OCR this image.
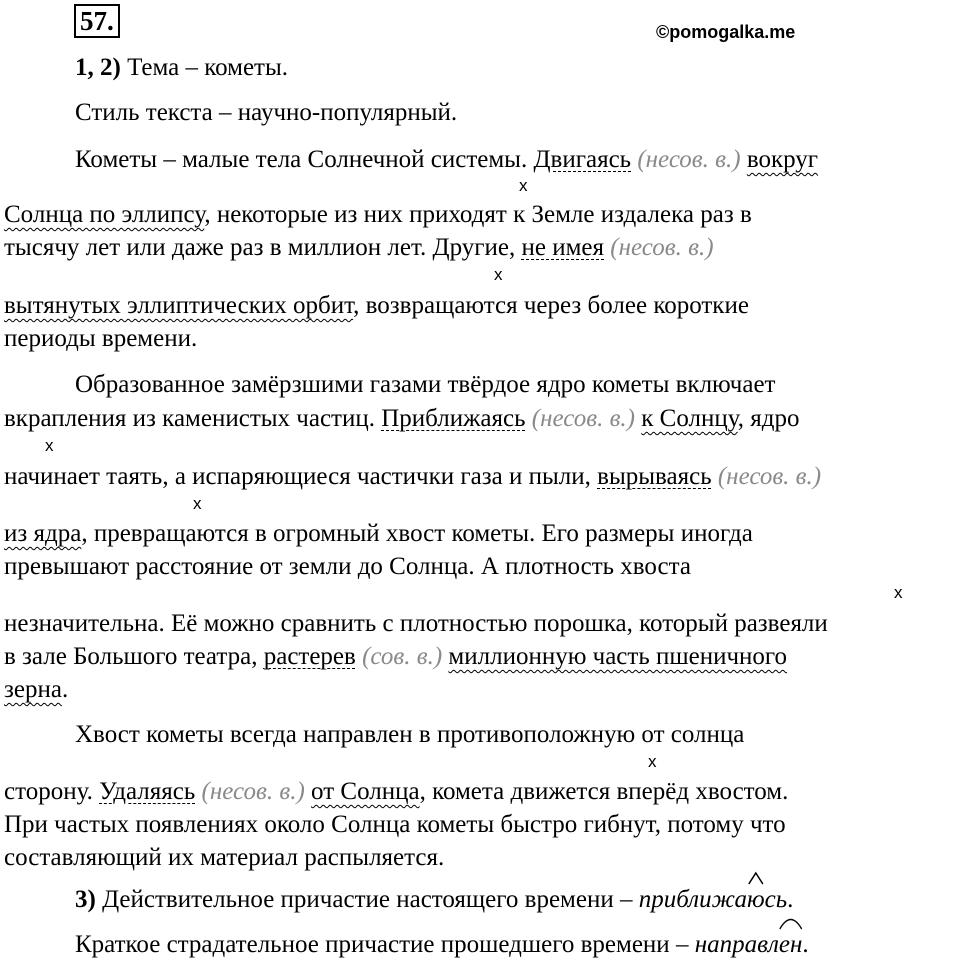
57.	©pomogalka.me
1, 2) Тема – кометы.
Стиль текста – научно-популярный.
Кометы – малые тела Солнечной системы. Двигаясь (несов. в.) вокруг
x
Солнца по эллипсу, некоторые из них приходят к Земле издалека раз в
тысячу лет или даже раз в миллион лет. Другие, не имея (несов. в.)
x
вытянутых эллиптических орбит, возвращаются через более короткие
периоды времени.
Образованное замёрзшими газами твёрдое ядро кометы включает
вкрапления из каменистых частиц. Приближаясь (несов. в.) к Солнцу, ядро
x
начинает таять, а испаряющиеся частички газа и пыли, вырываясь (несов. в.)
x
из ядра, превращаются в огромный хвост кометы. Его размеры иногда
превышают расстояние от земли до Солнца. А плотность хвоста
x
незначительна. Её можно сравнить с плотностью порошка, который развеяли
в зале Большого театра, растерев (сов. в.) миллионную часть пшеничного
зерна.
Хвост кометы всегда направлен в противоположную от солнца
x
сторону. Удаляясь (несов. в.) от Солнца, комета движется вперёд хвостом.
При частых появлениях около Солнца кометы быстро гибнут, потому что
составляющий их материал распыляется.
3) Действительное причастие настоящего времени – приближа
юсь.
Краткое страдательное причастие прошедшего времени – направл
ен.
